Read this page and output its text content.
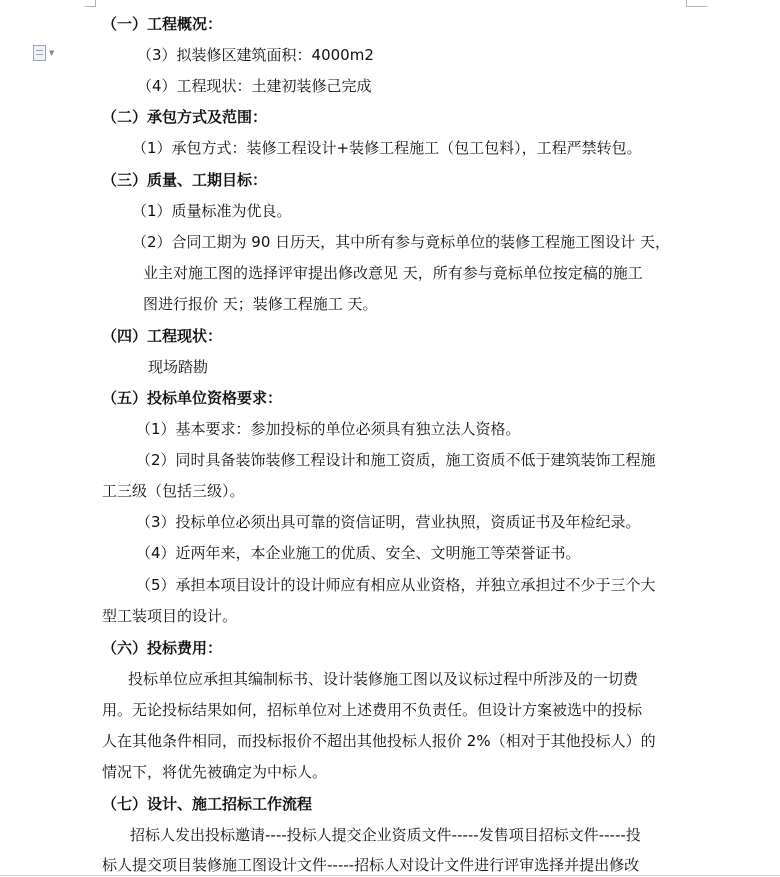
▼
（一）工程概况：
（3）拟装修区建筑面积：4000m2
（4）工程现状：土建初装修己完成
（二）承包方式及范围：
（1）承包方式：装修工程设计+装修工程施工（包工包料），工程严禁转包。
（三）质量、工期目标：
（1）质量标准为优良。
（2）合同工期为 90 日历天，其中所有参与竟标单位的装修工程施工图设计 天，
业主对施工图的选择评审提出修改意见 天，所有参与竟标单位按定稿的施工
图进行报价 天；装修工程施工 天。
（四）工程现状：
现场踏勘
（五）投标单位资格要求：
（1）基本要求：参加投标的单位必须具有独立法人资格。
（2）同时具备装饰装修工程设计和施工资质，施工资质不低于建筑装饰工程施
工三级（包括三级）。
（3）投标单位必须出具可靠的资信证明，营业执照，资质证书及年检纪录。
（4）近两年来，本企业施工的优质、安全、文明施工等荣誉证书。
（5）承担本项目设计的设计师应有相应从业资格，并独立承担过不少于三个大
型工装项目的设计。
（六）投标费用：
投标单位应承担其编制标书、设计装修施工图以及议标过程中所涉及的一切费
用。无论投标结果如何，招标单位对上述费用不负责任。但设计方案被选中的投标
人在其他条件相同，而投标报价不超出其他投标人报价 2%（相对于其他投标人）的
情况下，将优先被确定为中标人。
（七）设计、施工招标工作流程
招标人发出投标邀请----投标人提交企业资质文件-----发售项目招标文件-----投
标人提交项目装修施工图设计文件-----招标人对设计文件进行评审选择并提出修改
